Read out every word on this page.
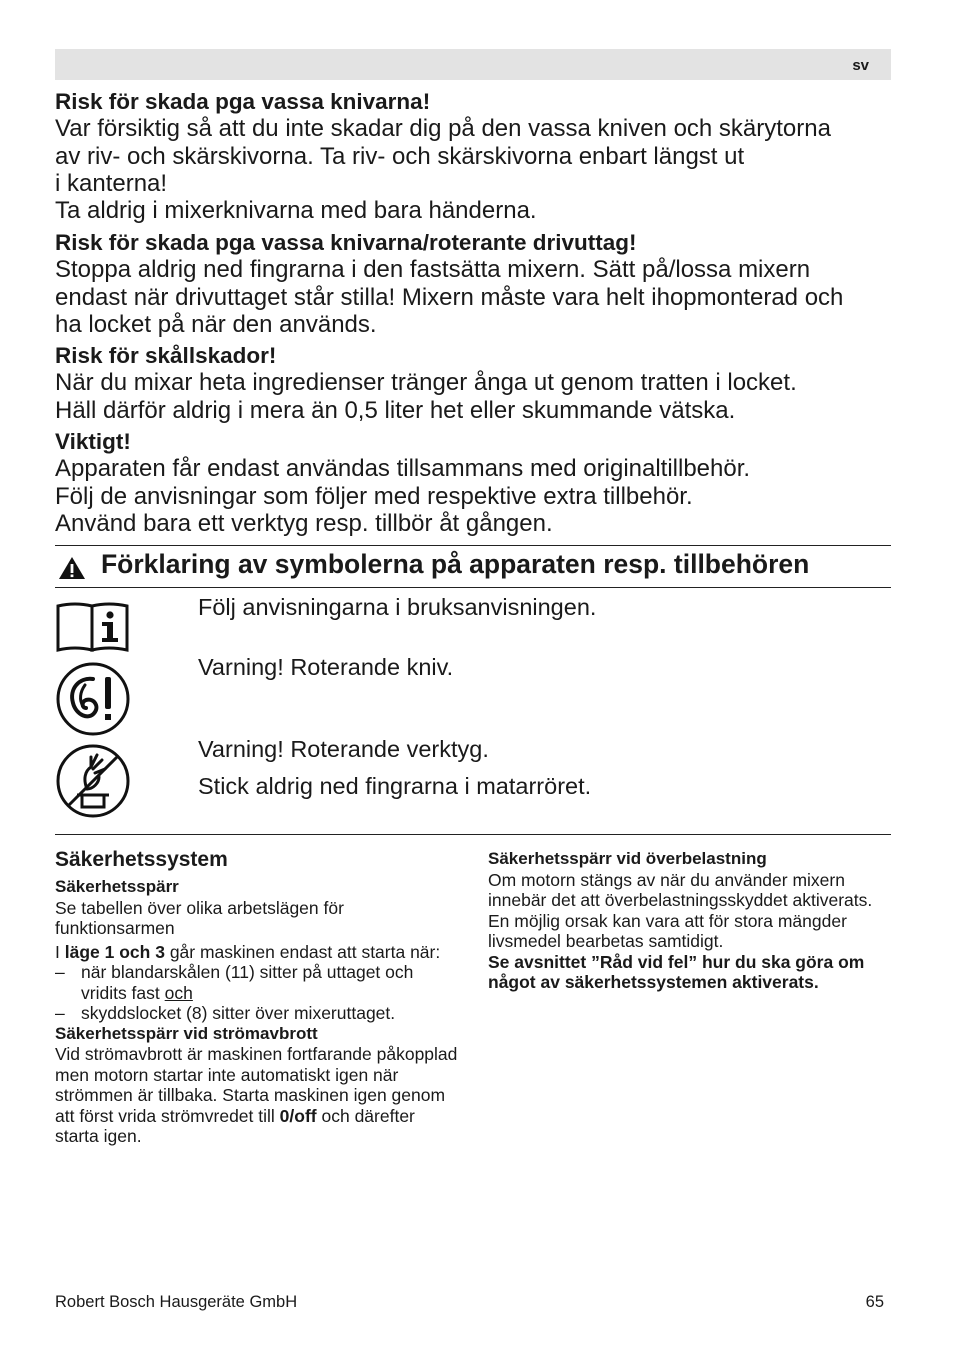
sv
Risk för skada pga vassa knivarna!
Var försiktig så att du inte skadar dig på den vassa kniven och skärytorna
av riv- och skärskivorna. Ta riv- och skärskivorna enbart längst ut
i kanterna!
Ta aldrig i mixerknivarna med bara händerna.
Risk för skada pga vassa knivarna/roterante drivuttag!
Stoppa aldrig ned fingrarna i den fastsätta mixern. Sätt på/lossa mixern
endast när drivuttaget står stilla! Mixern måste vara helt ihopmonterad och
ha locket på när den används.
Risk för skållskador!
När du mixar heta ingredienser tränger ånga ut genom tratten i locket.
Häll därför aldrig i mera än 0,5 liter het eller skummande vätska.
Viktigt!
Apparaten får endast användas tillsammans med originaltillbehör.
Följ de anvisningar som följer med respektive extra tillbehör.
Använd bara ett verktyg resp. tillbör åt gången.
Förklaring av symbolerna på apparaten resp. tillbehören
Följ anvisningarna i bruksanvisningen.
Varning! Roterande kniv.
Varning! Roterande verktyg.
Stick aldrig ned fingrarna i matarröret.
Säkerhetssystem

Säkerhetsspärr

Se tabellen över olika arbetslägen för funktionsarmen

I läge 1 och 3 går maskinen endast att starta när:

– när blandarskålen (11) sitter på uttaget och vridits fast och

– skyddslocket (8) sitter över mixeruttaget.

Säkerhetsspärr vid strömavbrott

Vid strömavbrott är maskinen fortfarande påkopplad men motorn startar inte automatiskt igen när strömmen är tillbaka. Starta maskinen igen genom att först vrida strömvredet till 0/off och därefter starta igen.

Säkerhetsspärr vid överbelastning

Om motorn stängs av när du använder mixern innebär det att överbelastningsskyddet aktiverats. En möjlig orsak kan vara att för stora mängder livsmedel bearbetas samtidigt.

Se avsnittet ”Råd vid fel” hur du ska göra om något av säkerhetssystemen aktiverats.

Robert Bosch Hausgeräte GmbH	65
